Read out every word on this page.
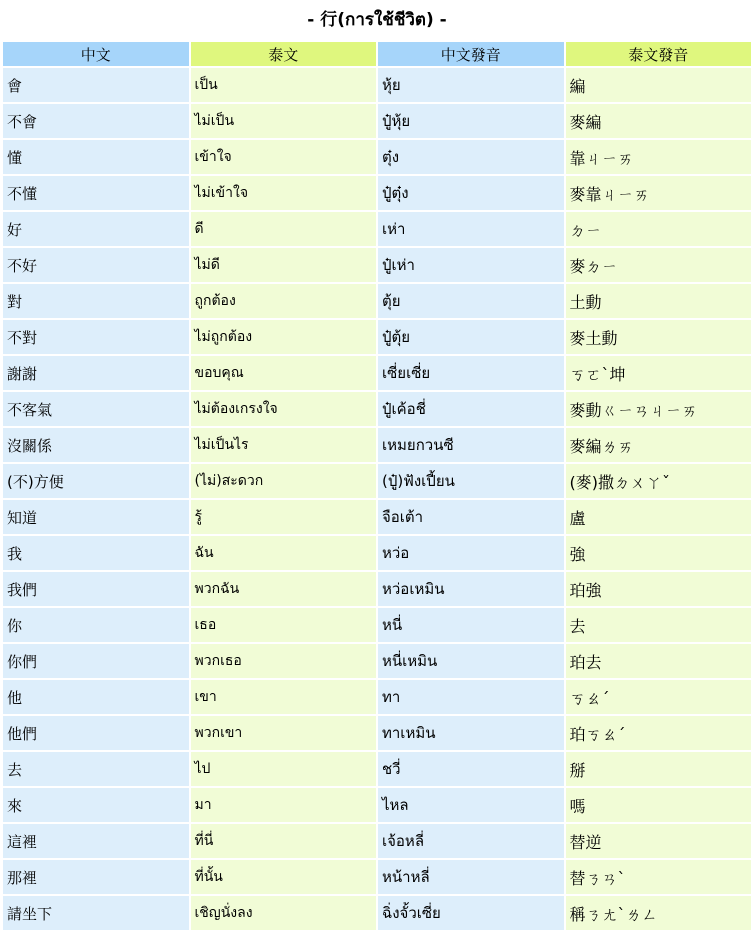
- 行(การใช้ชีวิต) -
中文	泰文	中文發音	泰文發音
會	เป็น	หุ้ย	編
不會	ไม่เป็น	ปู๋หุ้ย	麥編
懂	เข้าใจ	ตุ๋ง	靠ㄐㄧㄞ
不懂	ไม่เข้าใจ	ปู๋ตุ๋ง	麥靠ㄐㄧㄞ
好	ดี	เห่า	ㄉㄧ
不好	ไม่ดี	ปู๋เห่า	麥ㄉㄧ
對	ถูกต้อง	ตุ้ย	土動
不對	ไม่ถูกต้อง	ปู๋ตุ้ย	麥土動
謝謝	ขอบคุณ	เซี่ยเซี่ย	ㄎㄛˋ坤
不客氣	ไม่ต้องเกรงใจ	ปู๋เค้อชี่	麥動ㄍㄧㄢㄐㄧㄞ
沒關係	ไม่เป็นไร	เหมยกวนซี	麥編ㄌㄞ
(不)方便	(ไม่)สะดวก	(ปู๋)ฟังเปี้ยน	(麥)撒ㄉㄨㄚˇ
知道	รู้	จือเต้า	盧
我	ฉัน	หว่อ	強
我們	พวกฉัน	หว่อเหมิน	珀強
你	เธอ	หนี่	去
你們	พวกเธอ	หนี่เหมิน	珀去
他	เขา	ทา	ㄎㄠˊ
他們	พวกเขา	ทาเหมิน	珀ㄎㄠˊ
去	ไป	ชวี่	掰
來	มา	ไหล	嗎
這裡	ที่นี่	เจ้อหลี่	替逆
那裡	ที่นั้น	หน้าหลี่	替ㄋㄢˋ
請坐下	เชิญนั่งลง	ฉิ่งจั้วเซี่ย	稱ㄋㄤˋㄌㄥ
